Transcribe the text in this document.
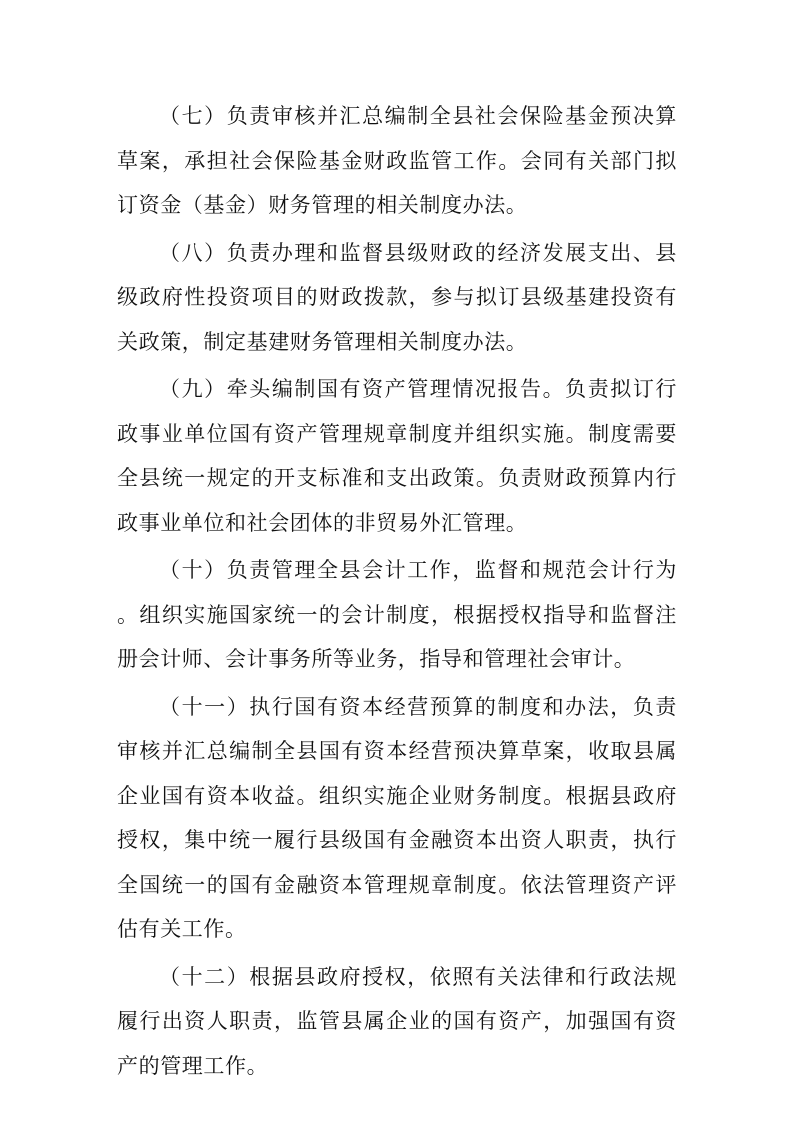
（七）负责审核并汇总编制全县社会保险基金预决算草案，承担社会保险基金财政监管工作。会同有关部门拟订资金（基金）财务管理的相关制度办法。

（八）负责办理和监督县级财政的经济发展支出、县级政府性投资项目的财政拨款，参与拟订县级基建投资有关政策，制定基建财务管理相关制度办法。

（九）牵头编制国有资产管理情况报告。负责拟订行政事业单位国有资产管理规章制度并组织实施。制度需要全县统一规定的开支标准和支出政策。负责财政预算内行政事业单位和社会团体的非贸易外汇管理。

（十）负责管理全县会计工作，监督和规范会计行为。组织实施国家统一的会计制度，根据授权指导和监督注册会计师、会计事务所等业务，指导和管理社会审计。

（十一）执行国有资本经营预算的制度和办法，负责审核并汇总编制全县国有资本经营预决算草案，收取县属企业国有资本收益。组织实施企业财务制度。根据县政府授权，集中统一履行县级国有金融资本出资人职责，执行全国统一的国有金融资本管理规章制度。依法管理资产评估有关工作。

（十二）根据县政府授权，依照有关法律和行政法规履行出资人职责，监管县属企业的国有资产，加强国有资产的管理工作。
